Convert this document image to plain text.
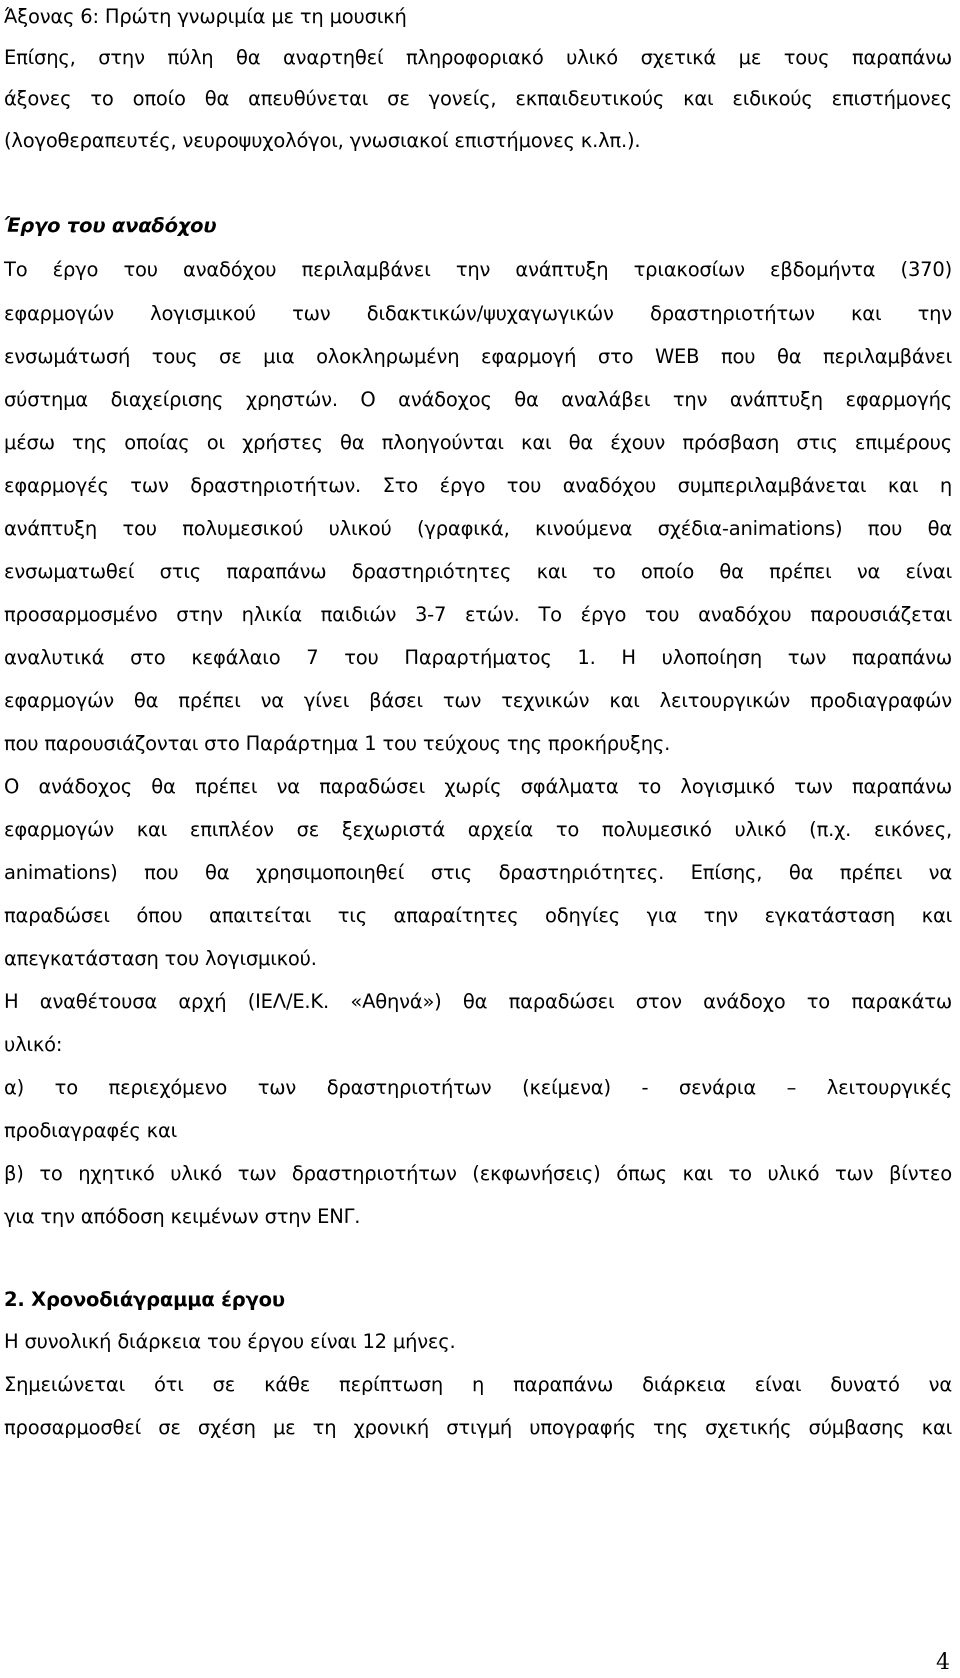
Άξονας 6: Πρώτη γνωριμία με τη μουσική
Επίσης, στην πύλη θα αναρτηθεί πληροφοριακό υλικό σχετικά με τους παραπάνω
άξονες το οποίο θα απευθύνεται σε γονείς, εκπαιδευτικούς και ειδικούς επιστήμονες
(λογοθεραπευτές, νευροψυχολόγοι, γνωσιακοί επιστήμονες κ.λπ.).
Έργο του αναδόχου
Το έργο του αναδόχου περιλαμβάνει την ανάπτυξη τριακοσίων εβδομήντα (370)
εφαρμογών λογισμικού των διδακτικών/ψυχαγωγικών δραστηριοτήτων και την
ενσωμάτωσή τους σε μια ολοκληρωμένη εφαρμογή στο WEB που θα περιλαμβάνει
σύστημα διαχείρισης χρηστών. Ο ανάδοχος θα αναλάβει την ανάπτυξη εφαρμογής
μέσω της οποίας οι χρήστες θα πλοηγούνται και θα έχουν πρόσβαση στις επιμέρους
εφαρμογές των δραστηριοτήτων. Στο έργο του αναδόχου συμπεριλαμβάνεται και η
ανάπτυξη του πολυμεσικού υλικού (γραφικά, κινούμενα σχέδια-animations) που θα
ενσωματωθεί στις παραπάνω δραστηριότητες και το οποίο θα πρέπει να είναι
προσαρμοσμένο στην ηλικία παιδιών 3-7 ετών. Το έργο του αναδόχου παρουσιάζεται
αναλυτικά στο κεφάλαιο 7 του Παραρτήματος 1. Η υλοποίηση των παραπάνω
εφαρμογών θα πρέπει να γίνει βάσει των τεχνικών και λειτουργικών προδιαγραφών
που παρουσιάζονται στο Παράρτημα 1 του τεύχους της προκήρυξης.
Ο ανάδοχος θα πρέπει να παραδώσει χωρίς σφάλματα το λογισμικό των παραπάνω
εφαρμογών και επιπλέον σε ξεχωριστά αρχεία το πολυμεσικό υλικό (π.χ. εικόνες,
animations) που θα χρησιμοποιηθεί στις δραστηριότητες. Επίσης, θα πρέπει να
παραδώσει όπου απαιτείται τις απαραίτητες οδηγίες για την εγκατάσταση και
απεγκατάσταση του λογισμικού.
Η αναθέτουσα αρχή (ΙΕΛ/Ε.Κ. «Αθηνά») θα παραδώσει στον ανάδοχο το παρακάτω
υλικό:
α) το περιεχόμενο των δραστηριοτήτων (κείμενα) - σενάρια – λειτουργικές
προδιαγραφές και
β) το ηχητικό υλικό των δραστηριοτήτων (εκφωνήσεις) όπως και το υλικό των βίντεο
για την απόδοση κειμένων στην ΕΝΓ.
2. Χρονοδιάγραμμα έργου
Η συνολική διάρκεια του έργου είναι 12 μήνες.
Σημειώνεται ότι σε κάθε περίπτωση η παραπάνω διάρκεια είναι δυνατό να
προσαρμοσθεί σε σχέση με τη χρονική στιγμή υπογραφής της σχετικής σύμβασης και
4
